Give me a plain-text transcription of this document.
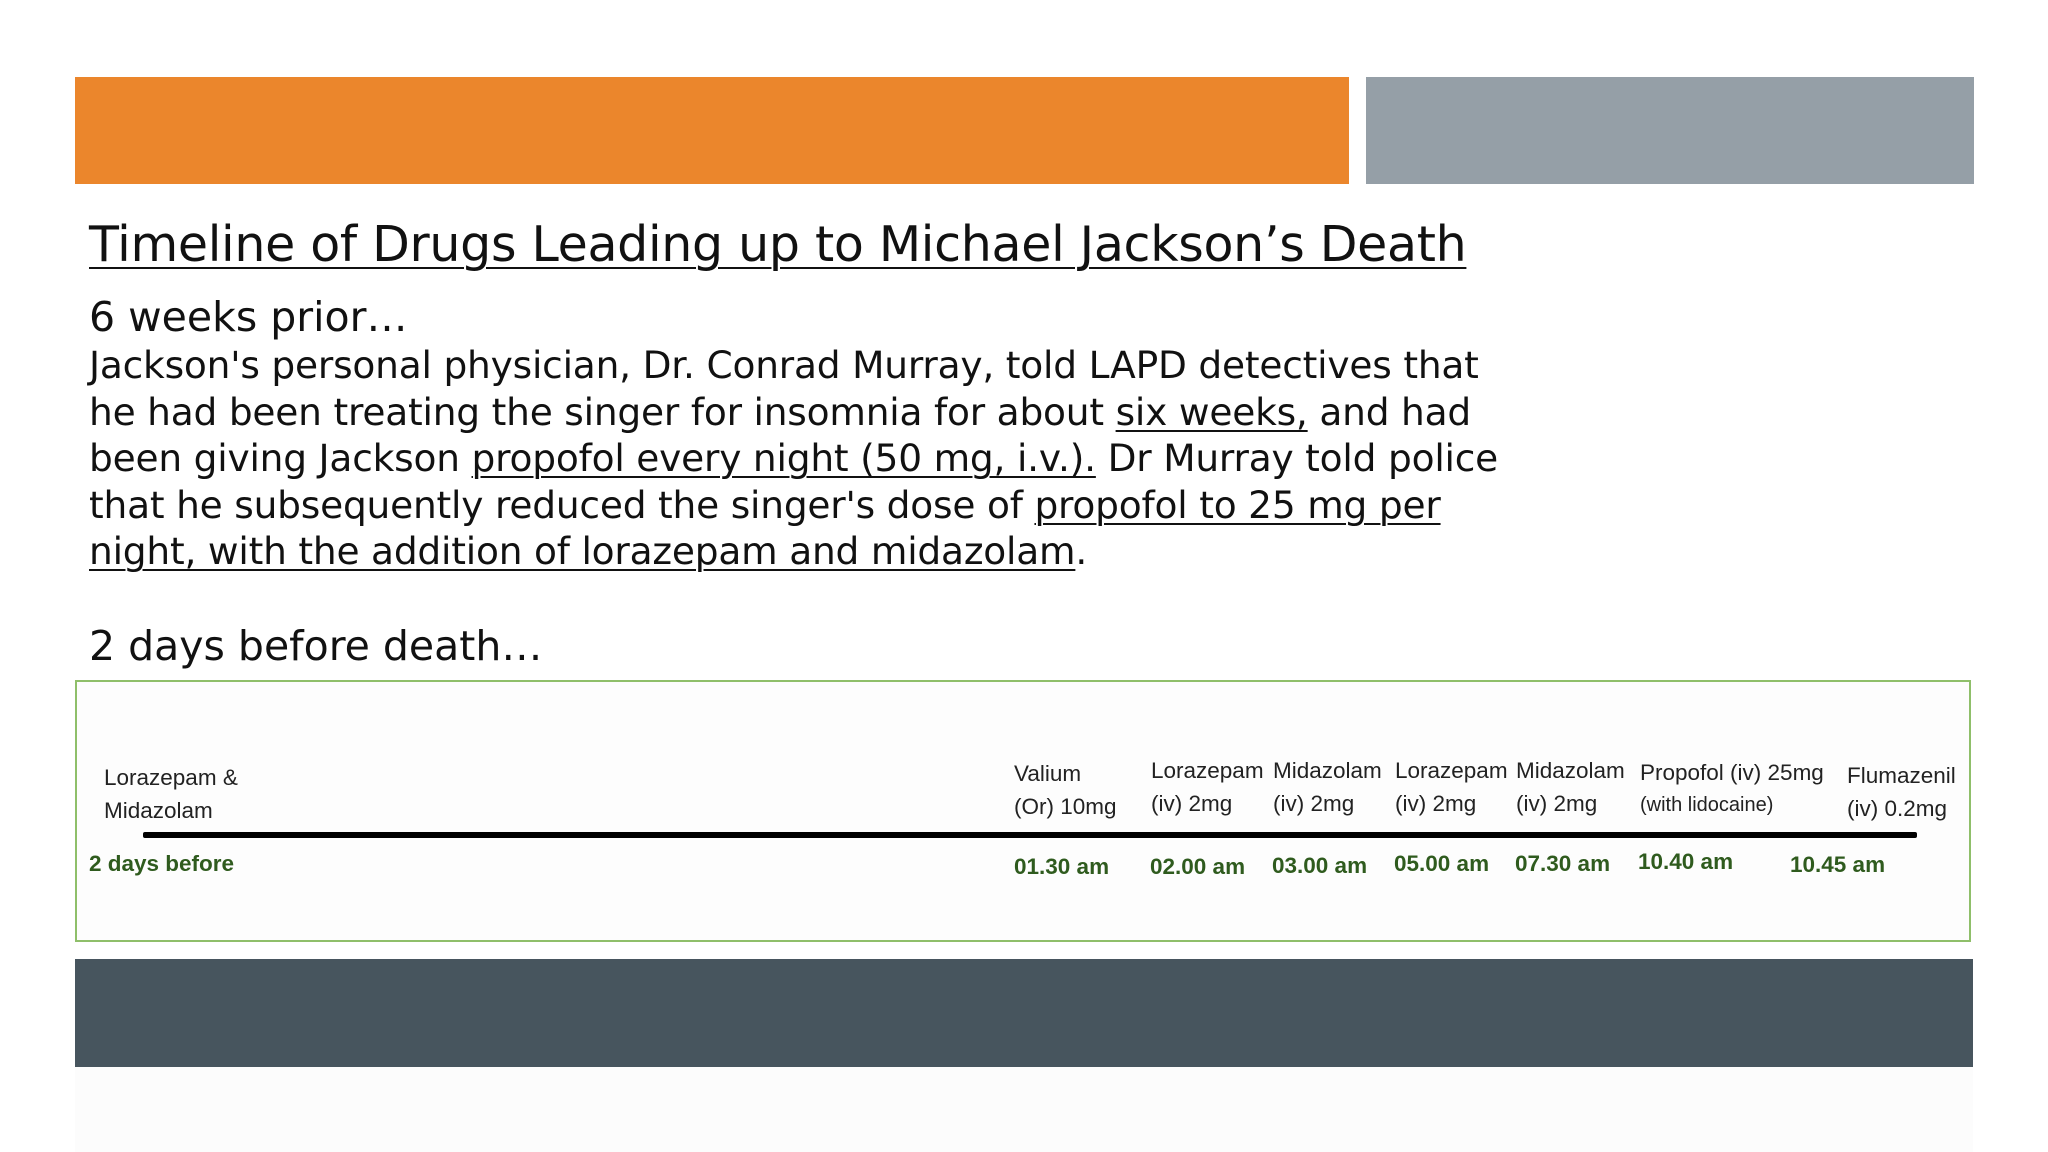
Timeline of Drugs Leading up to Michael Jackson’s Death
6 weeks prior…
Jackson's personal physician, Dr. Conrad Murray, told LAPD detectives that he had been treating the singer for insomnia for about six weeks, and had been giving Jackson propofol every night (50 mg, i.v.). Dr Murray told police that he subsequently reduced the singer's dose of propofol to 25 mg per night, with the addition of lorazepam and midazolam.
2 days before death…
Lorazepam &
Midazolam
2 days before
Valium
(Or) 10mg
01.30 am
Lorazepam
(iv) 2mg
02.00 am
Midazolam
(iv) 2mg
03.00 am
Lorazepam
(iv) 2mg
05.00 am
Midazolam
(iv) 2mg
07.30 am
Propofol (iv) 25mg
(with lidocaine)
10.40 am
Flumazenil
(iv) 0.2mg
10.45 am
